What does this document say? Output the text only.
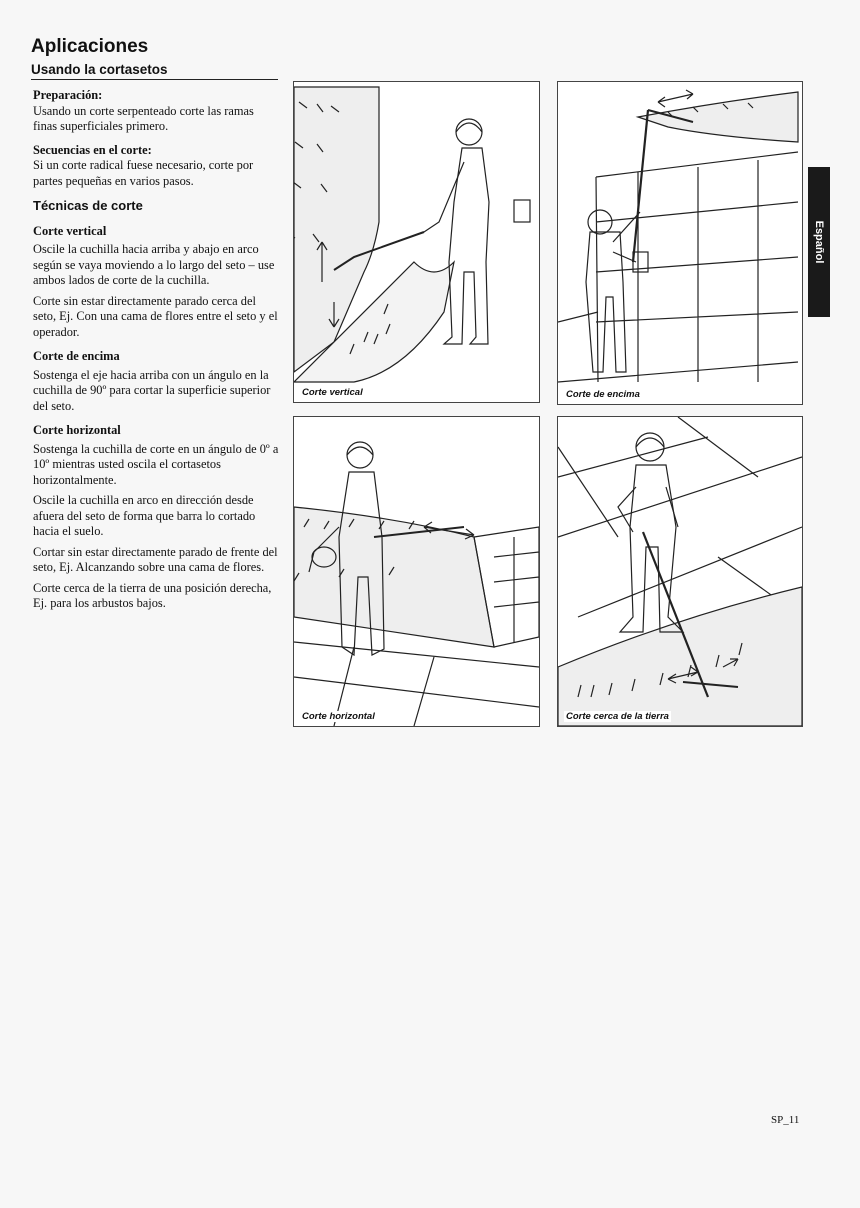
Aplicaciones
Usando la cortasetos

Preparación:
Usando un corte serpenteado corte las ramas finas superficiales primero.

Secuencias en el corte:
Si un corte radical fuese necesario, corte por partes pequeñas en varios pasos.

Técnicas de corte
Corte vertical

Oscile la cuchilla hacia arriba y abajo en arco según se vaya moviendo a lo largo del seto – use ambos lados de corte de la cuchilla.

Corte sin estar directamente parado cerca del seto, Ej. Con una cama de flores entre el seto y el operador.

Corte de encima

Sostenga el eje hacia arriba con un ángulo en la cuchilla de 90º para cortar la superficie superior del seto.

Corte horizontal

Sostenga la cuchilla de corte en un ángulo de 0º a 10º mientras usted oscila el cortasetos horizontalmente.

Oscile la cuchilla en arco en dirección desde afuera del seto de forma que barra lo cortado hacia el suelo.

Cortar sin estar directamente parado de frente del seto, Ej. Alcanzando sobre una cama de flores.

Corte cerca de la tierra de una posición derecha, Ej. para los arbustos bajos.

Corte vertical	Corte de encima
Corte horizontal	Corte cerca de la tierra
Español
SP_11
